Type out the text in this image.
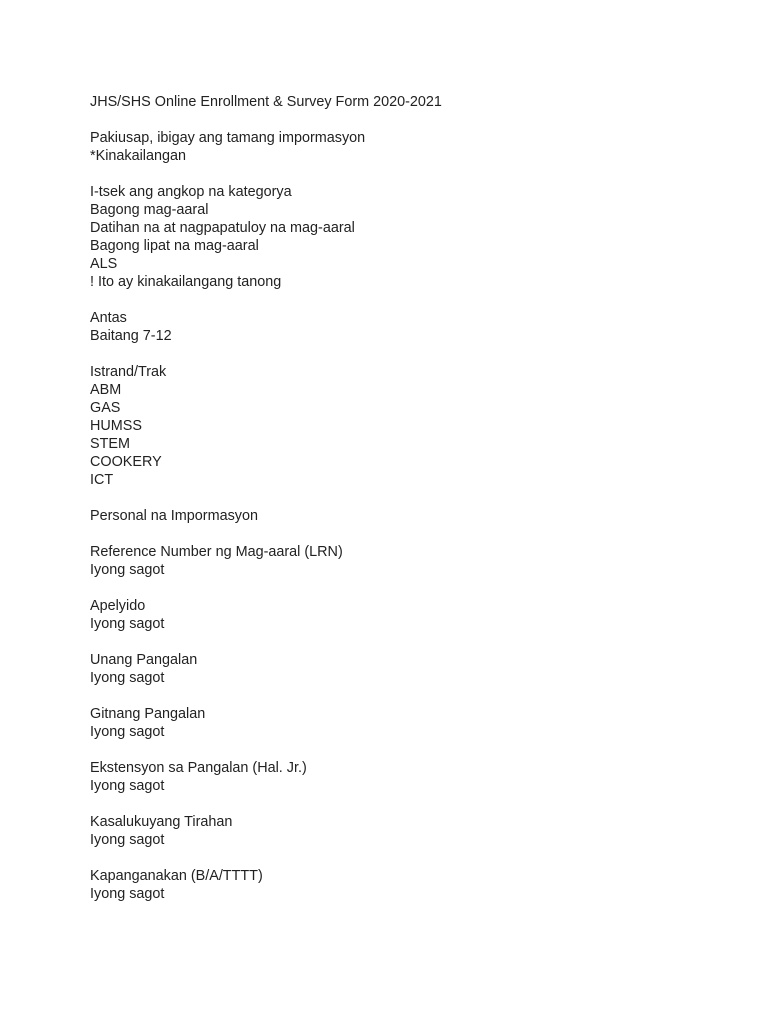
JHS/SHS Online Enrollment & Survey Form 2020-2021
Pakiusap, ibigay ang tamang impormasyon
*Kinakailangan
I-tsek ang angkop na kategorya
Bagong mag-aaral
Datihan na at nagpapatuloy na mag-aaral
Bagong lipat na mag-aaral
ALS
! Ito ay kinakailangang tanong
Antas
Baitang 7-12
Istrand/Trak
ABM
GAS
HUMSS
STEM
COOKERY
ICT
Personal na Impormasyon
Reference Number ng Mag-aaral (LRN)
Iyong sagot
Apelyido
Iyong sagot
Unang Pangalan
Iyong sagot
Gitnang Pangalan
Iyong sagot
Ekstensyon sa Pangalan (Hal. Jr.)
Iyong sagot
Kasalukuyang Tirahan
Iyong sagot
Kapanganakan (B/A/TTTT)
Iyong sagot
